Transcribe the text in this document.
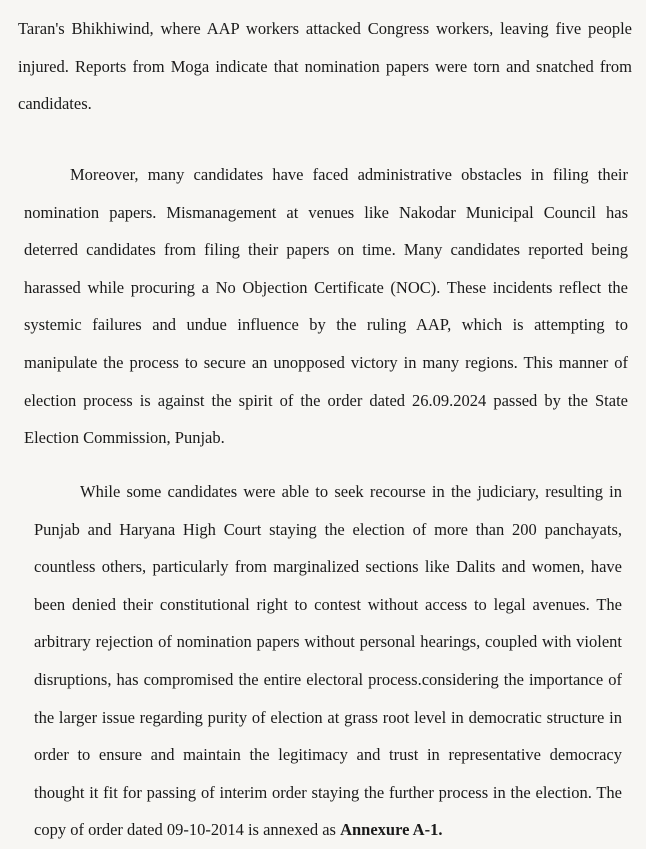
Taran's Bhikhiwind, where AAP workers attacked Congress workers, leaving five people
injured. Reports from Moga indicate that nomination papers were torn and snatched from
candidates.
Moreover, many candidates have faced administrative obstacles in filing their
nomination papers. Mismanagement at venues like Nakodar Municipal Council has
deterred candidates from filing their papers on time. Many candidates reported being
harassed while procuring a No Objection Certificate (NOC). These incidents reflect the
systemic failures and undue influence by the ruling AAP, which is attempting to
manipulate the process to secure an unopposed victory in many regions. This manner of
election process is against the spirit of the order dated 26.09.2024 passed by the State
Election Commission, Punjab.
While some candidates were able to seek recourse in the judiciary, resulting in
Punjab and Haryana High Court staying the election of more than 200 panchayats,
countless others, particularly from marginalized sections like Dalits and women, have
been denied their constitutional right to contest without access to legal avenues. The
arbitrary rejection of nomination papers without personal hearings, coupled with violent
disruptions, has compromised the entire electoral process.considering the importance of
the larger issue regarding purity of election at grass root level in democratic structure in
order to ensure and maintain the legitimacy and trust in representative democracy
thought it fit for passing of interim order staying the further process in the election. The
copy of order dated 09-10-2014 is annexed as Annexure A-1.
